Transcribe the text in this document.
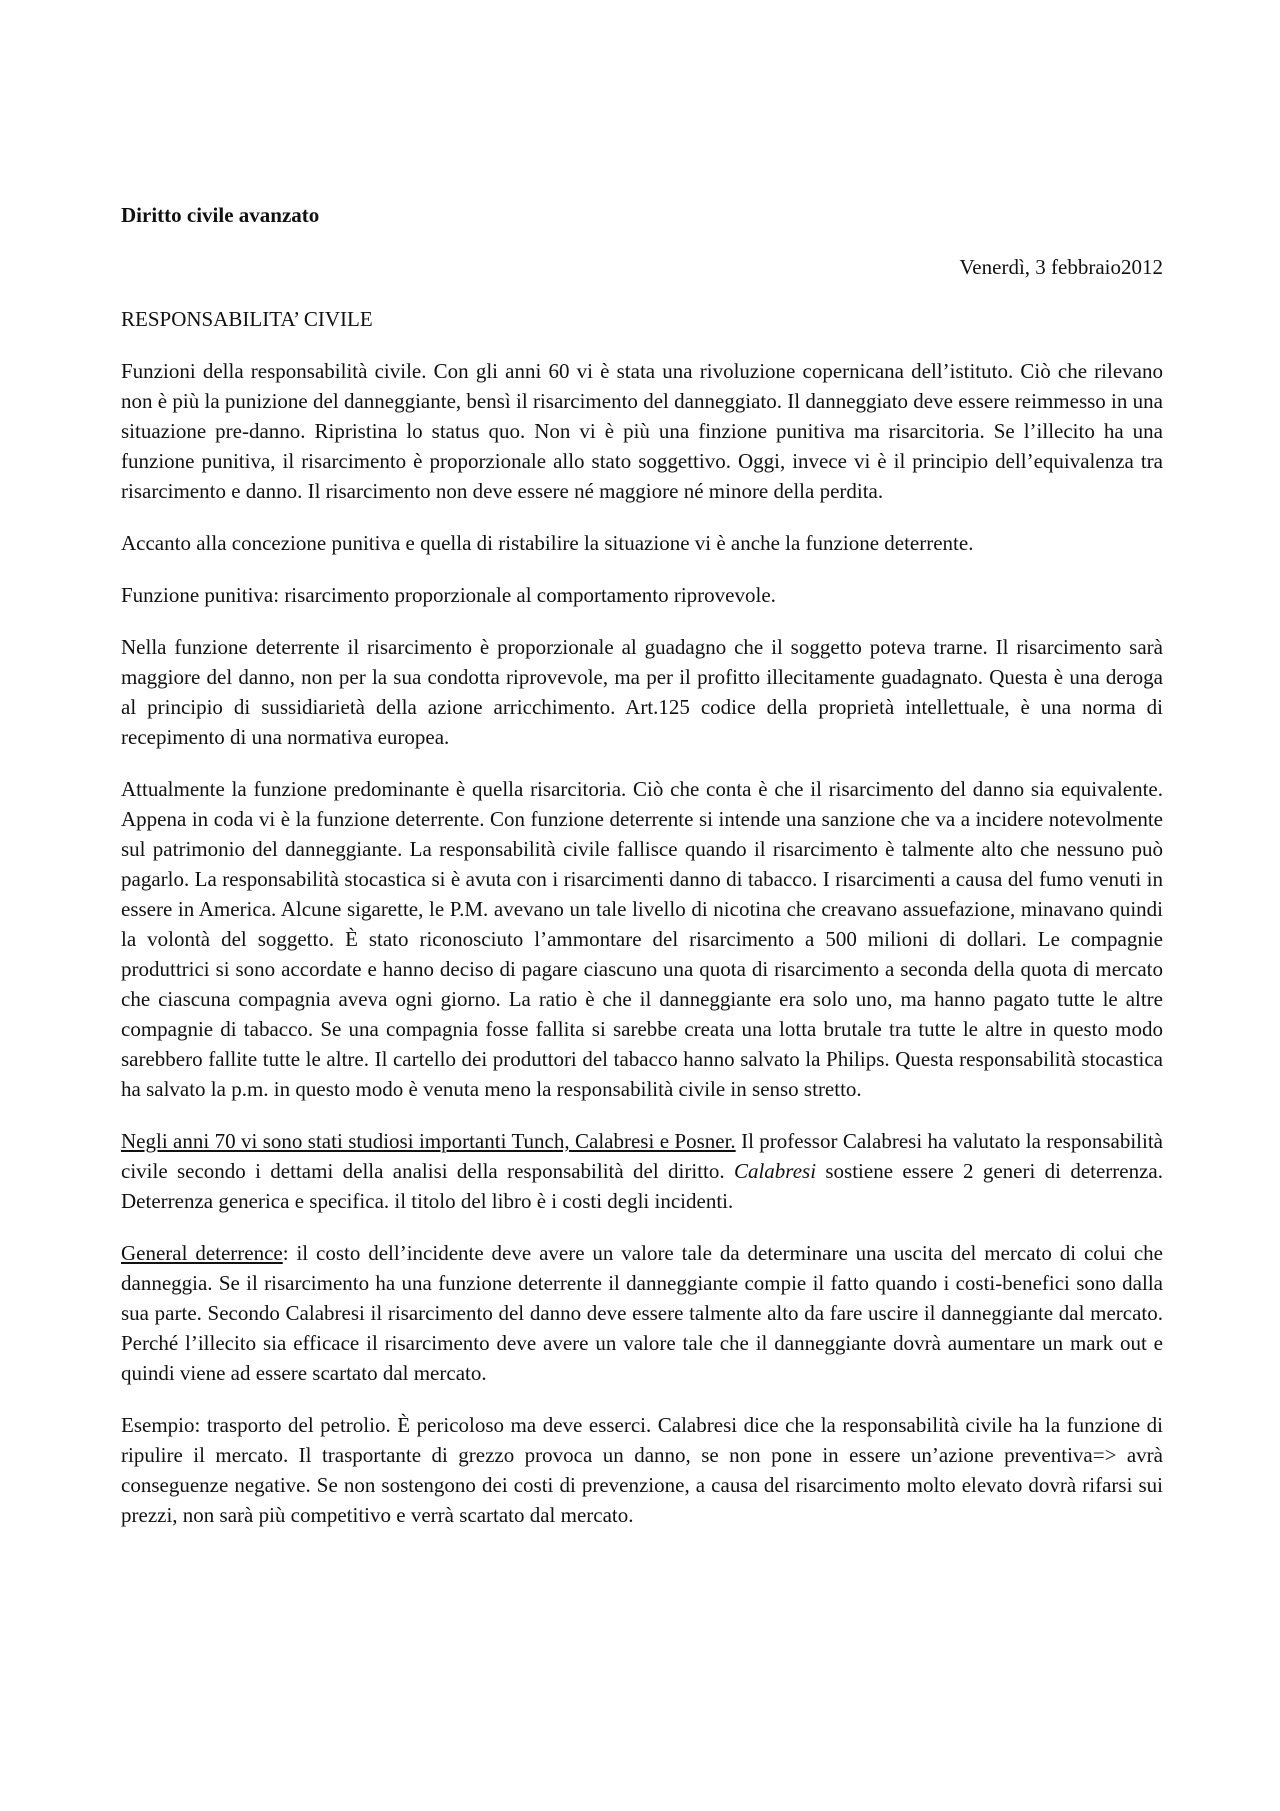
Diritto civile avanzato
Venerdì, 3 febbraio2012
RESPONSABILITA’ CIVILE

Funzioni della responsabilità civile. Con gli anni 60 vi è stata una rivoluzione copernicana dell’istituto. Ciò che rilevano non è più la punizione del danneggiante, bensì il risarcimento del danneggiato. Il danneggiato deve essere reimmesso in una situazione pre-danno. Ripristina lo status quo. Non vi è più una finzione punitiva ma risarcitoria. Se l’illecito ha una funzione punitiva, il risarcimento è proporzionale allo stato soggettivo. Oggi, invece vi è il principio dell’equivalenza tra risarcimento e danno. Il risarcimento non deve essere né maggiore né minore della perdita.

Accanto alla concezione punitiva e quella di ristabilire la situazione vi è anche la funzione deterrente.

Funzione punitiva: risarcimento proporzionale al comportamento riprovevole.

Nella funzione deterrente il risarcimento è proporzionale al guadagno che il soggetto poteva trarne. Il risarcimento sarà maggiore del danno, non per la sua condotta riprovevole, ma per il profitto illecitamente guadagnato. Questa è una deroga al principio di sussidiarietà della azione arricchimento. Art.125 codice della proprietà intellettuale, è una norma di recepimento di una normativa europea.

Attualmente la funzione predominante è quella risarcitoria. Ciò che conta è che il risarcimento del danno sia equivalente. Appena in coda vi è la funzione deterrente. Con funzione deterrente si intende una sanzione che va a incidere notevolmente sul patrimonio del danneggiante. La responsabilità civile fallisce quando il risarcimento è talmente alto che nessuno può pagarlo. La responsabilità stocastica si è avuta con i risarcimenti danno di tabacco. I risarcimenti a causa del fumo venuti in essere in America. Alcune sigarette, le P.M. avevano un tale livello di nicotina che creavano assuefazione, minavano quindi la volontà del soggetto. È stato riconosciuto l’ammontare del risarcimento a 500 milioni di dollari. Le compagnie produttrici si sono accordate e hanno deciso di pagare ciascuno una quota di risarcimento a seconda della quota di mercato che ciascuna compagnia aveva ogni giorno. La ratio è che il danneggiante era solo uno, ma hanno pagato tutte le altre compagnie di tabacco. Se una compagnia fosse fallita si sarebbe creata una lotta brutale tra tutte le altre in questo modo sarebbero fallite tutte le altre. Il cartello dei produttori del tabacco hanno salvato la Philips. Questa responsabilità stocastica ha salvato la p.m. in questo modo è venuta meno la responsabilità civile in senso stretto.

Negli anni 70 vi sono stati studiosi importanti Tunch, Calabresi e Posner. Il professor Calabresi ha valutato la responsabilità civile secondo i dettami della analisi della responsabilità del diritto. Calabresi sostiene essere 2 generi di deterrenza. Deterrenza generica e specifica. il titolo del libro è i costi degli incidenti.

General deterrence: il costo dell’incidente deve avere un valore tale da determinare una uscita del mercato di colui che danneggia. Se il risarcimento ha una funzione deterrente il danneggiante compie il fatto quando i costi-benefici sono dalla sua parte. Secondo Calabresi il risarcimento del danno deve essere talmente alto da fare uscire il danneggiante dal mercato. Perché l’illecito sia efficace il risarcimento deve avere un valore tale che il danneggiante dovrà aumentare un mark out e quindi viene ad essere scartato dal mercato.

Esempio: trasporto del petrolio. È pericoloso ma deve esserci. Calabresi dice che la responsabilità civile ha la funzione di ripulire il mercato. Il trasportante di grezzo provoca un danno, se non pone in essere un’azione preventiva=> avrà conseguenze negative. Se non sostengono dei costi di prevenzione, a causa del risarcimento molto elevato dovrà rifarsi sui prezzi, non sarà più competitivo e verrà scartato dal mercato.
